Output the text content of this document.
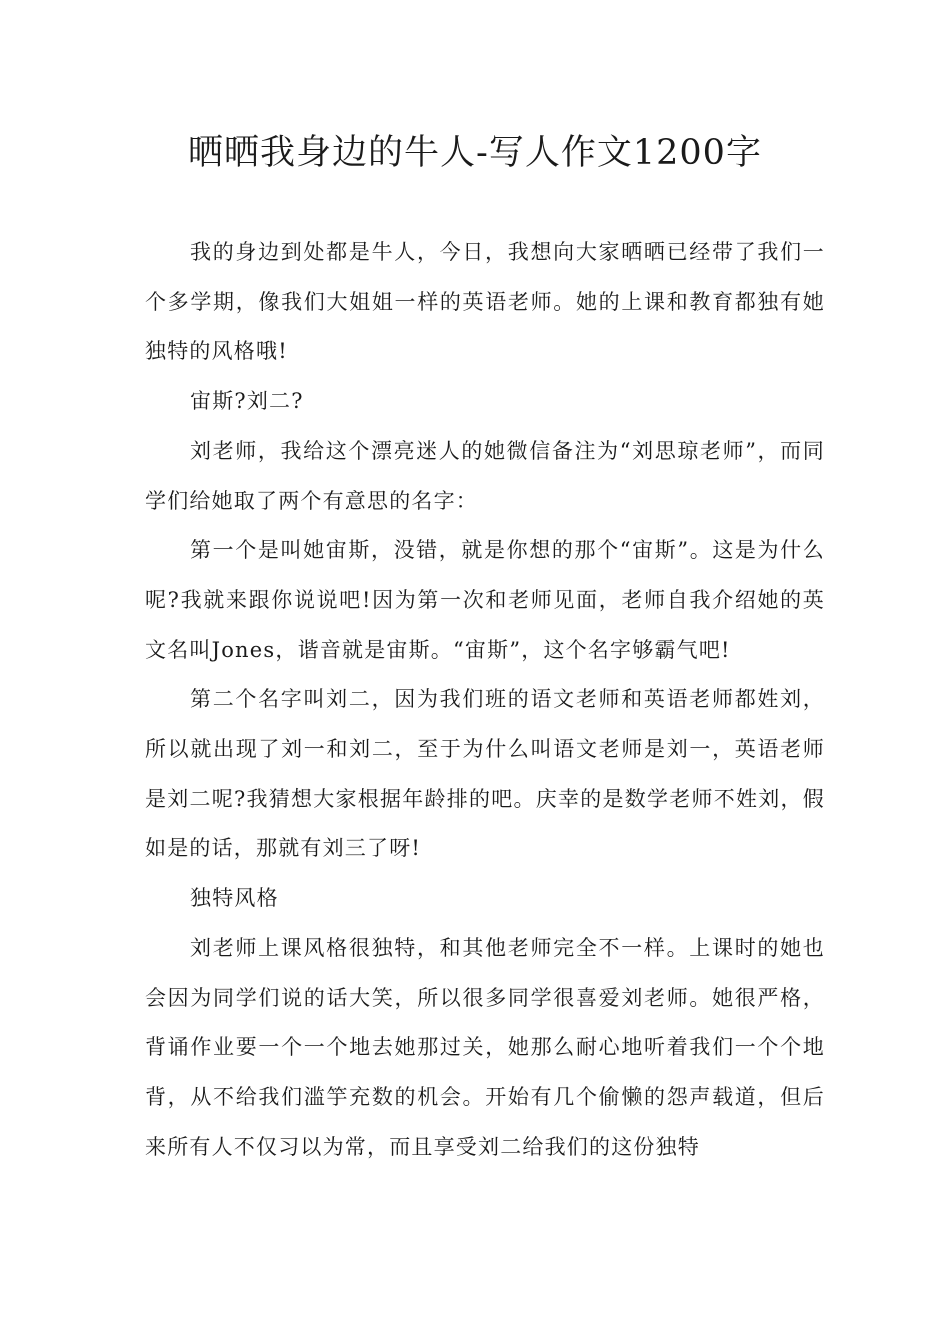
晒晒我身边的牛人-写人作文1200字

我的身边到处都是牛人，今日，我想向大家晒晒已经带了我们一个多学期，像我们大姐姐一样的英语老师。她的上课和教育都独有她独特的风格哦!

宙斯?刘二?

刘老师，我给这个漂亮迷人的她微信备注为“刘思琼老师”，而同学们给她取了两个有意思的名字：

第一个是叫她宙斯，没错，就是你想的那个“宙斯”。这是为什么呢?我就来跟你说说吧!因为第一次和老师见面，老师自我介绍她的英文名叫Jones，谐音就是宙斯。“宙斯”，这个名字够霸气吧!

第二个名字叫刘二，因为我们班的语文老师和英语老师都姓刘，所以就出现了刘一和刘二，至于为什么叫语文老师是刘一，英语老师是刘二呢?我猜想大家根据年龄排的吧。庆幸的是数学老师不姓刘，假如是的话，那就有刘三了呀!

独特风格

刘老师上课风格很独特，和其他老师完全不一样。上课时的她也会因为同学们说的话大笑，所以很多同学很喜爱刘老师。她很严格，背诵作业要一个一个地去她那过关，她那么耐心地听着我们一个个地背，从不给我们滥竽充数的机会。开始有几个偷懒的怨声载道，但后来所有人不仅习以为常，而且享受刘二给我们的这份独特
